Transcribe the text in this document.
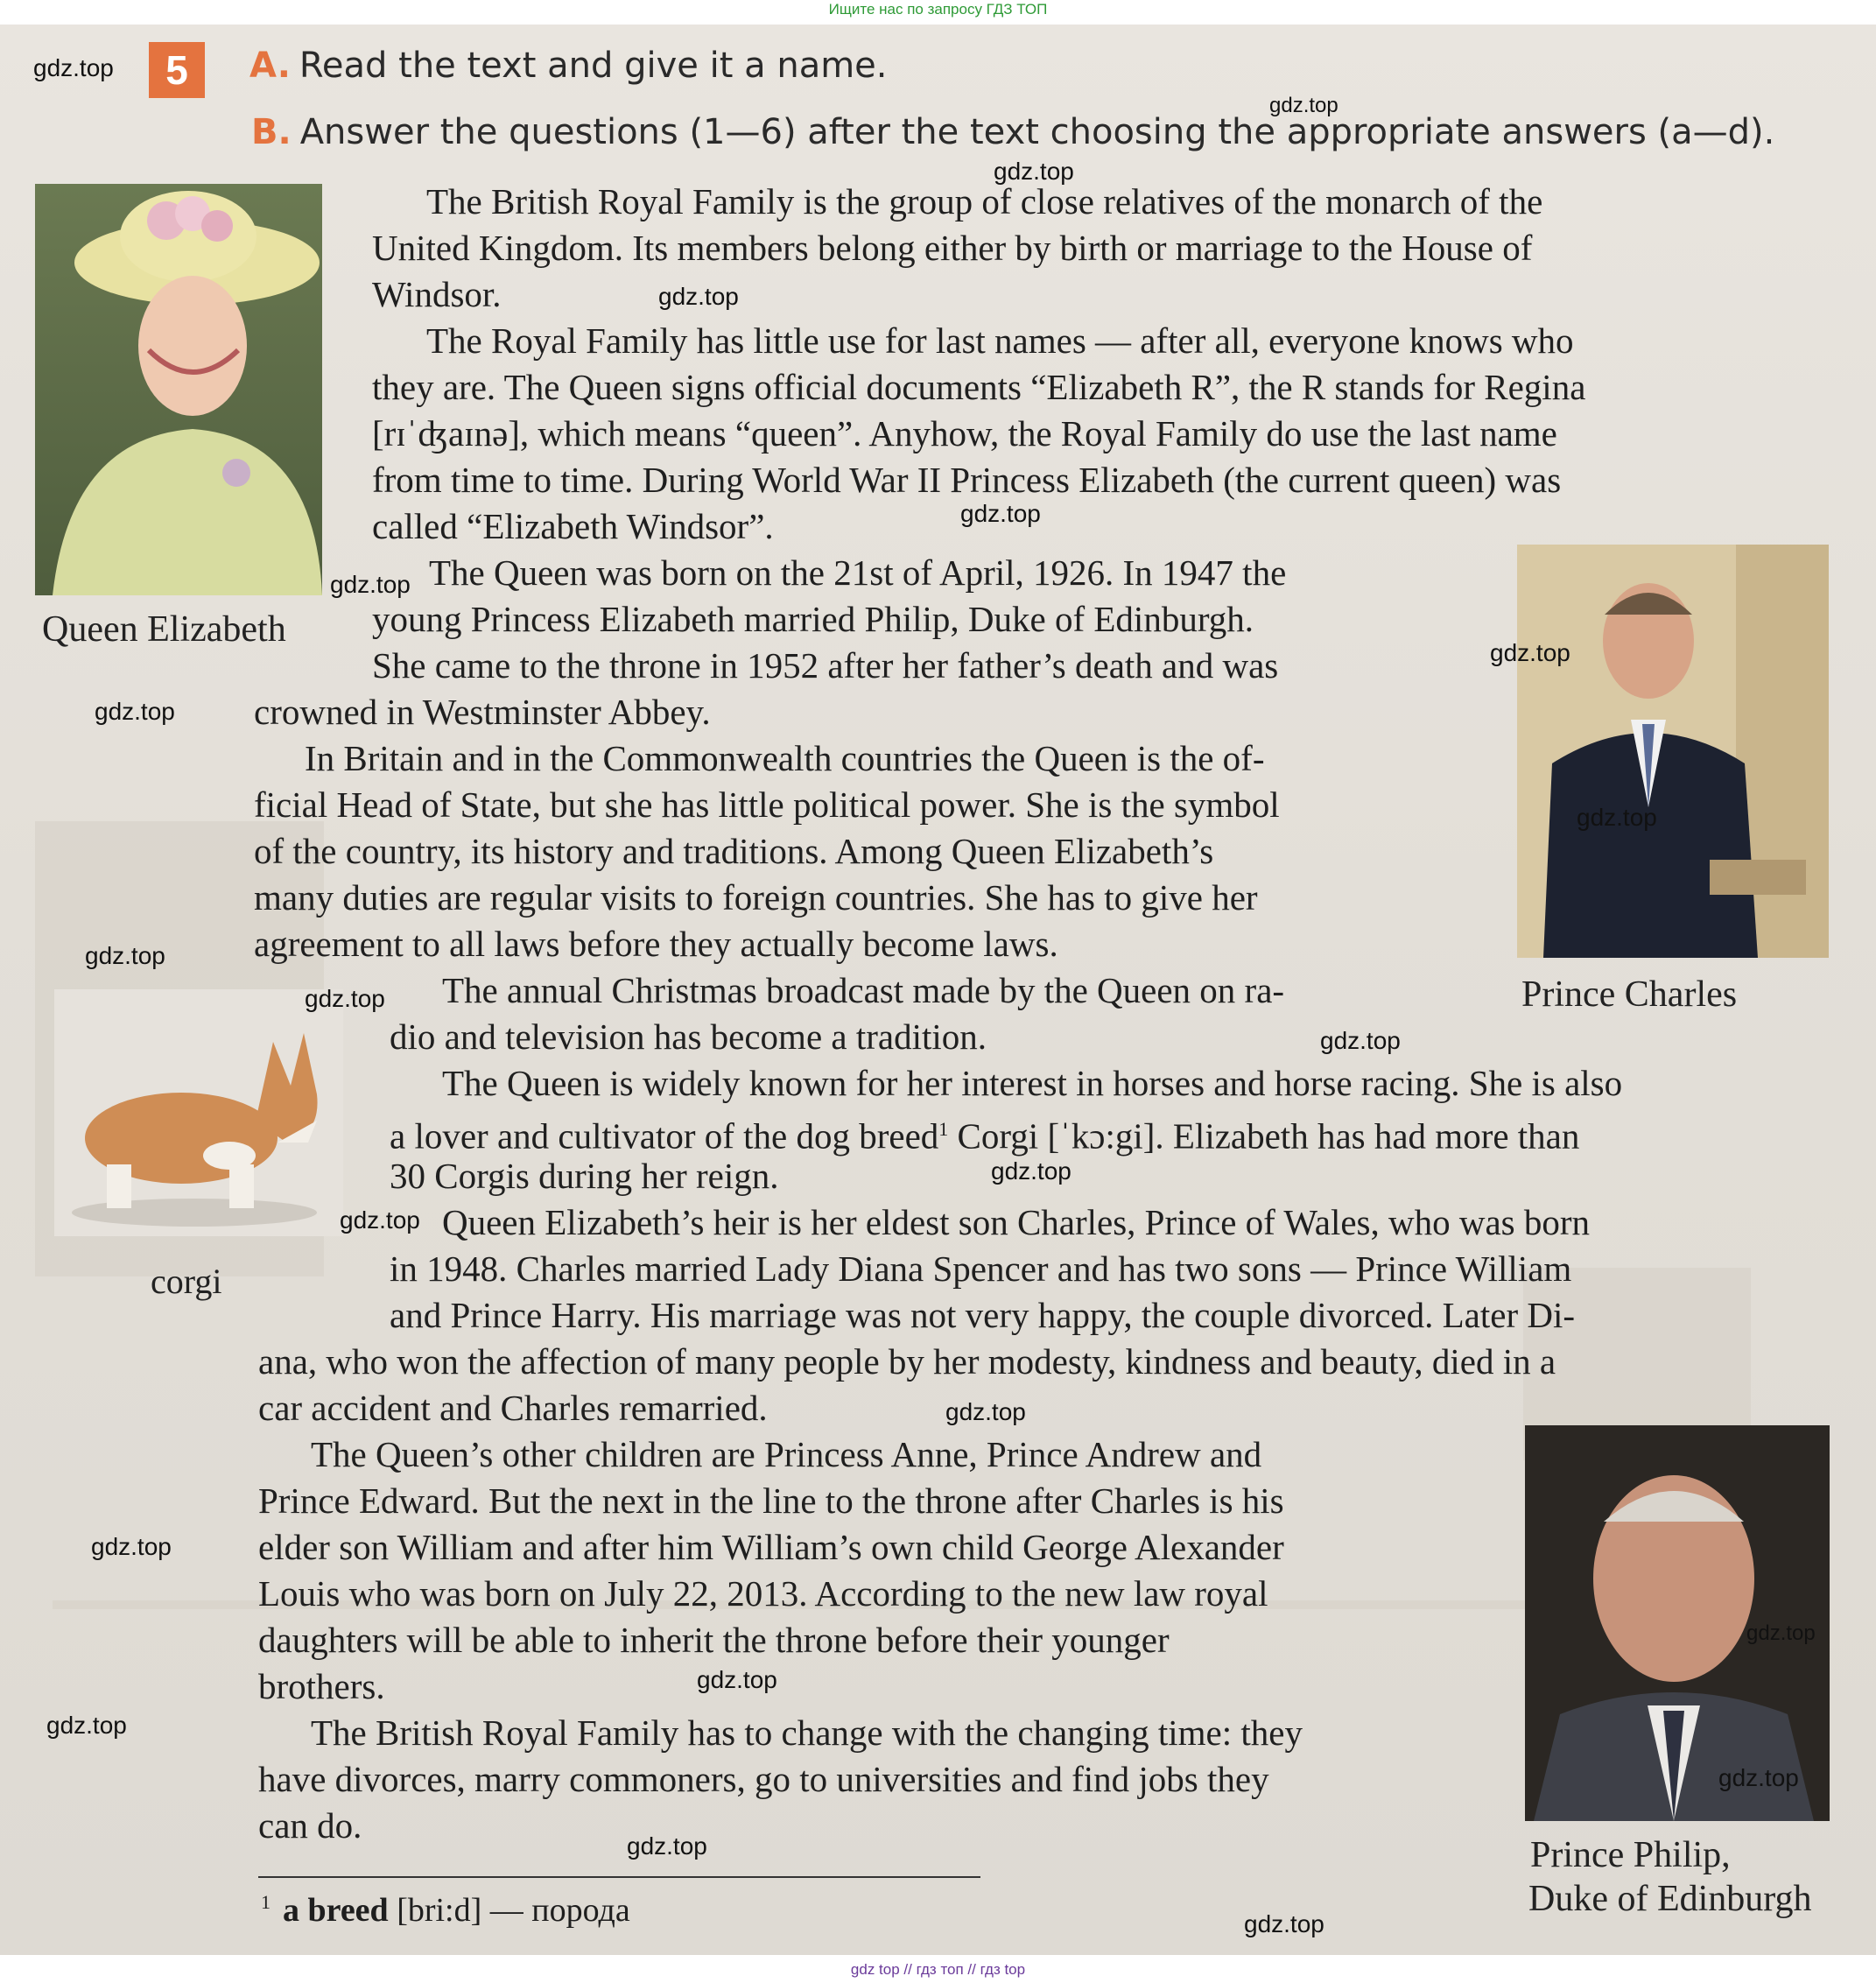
Ищите нас по запросу ГДЗ ТОП
5	A. Read the text and give it a name.
B. Answer the questions (1—6) after the text choosing the appropriate answers (a—d).
Queen Elizabeth
Prince Charles
corgi
Prince Philip,
Duke of Edinburgh
The British Royal Family is the group of close relatives of the monarch of the
United Kingdom. Its members belong either by birth or marriage to the House of
Windsor.
The Royal Family has little use for last names — after all, everyone knows who
they are. The Queen signs official documents “Elizabeth R”, the R stands for Regina
[rɪˈʤaɪnə], which means “queen”. Anyhow, the Royal Family do use the last name
from time to time. During World War II Princess Elizabeth (the current queen) was
called “Elizabeth Windsor”.
The Queen was born on the 21st of April, 1926. In 1947 the
young Princess Elizabeth married Philip, Duke of Edinburgh.
She came to the throne in 1952 after her father’s death and was
crowned in Westminster Abbey.
In Britain and in the Commonwealth countries the Queen is the of-
ficial Head of State, but she has little political power. She is the symbol
of the country, its history and traditions. Among Queen Elizabeth’s
many duties are regular visits to foreign countries. She has to give her
agreement to all laws before they actually become laws.
The annual Christmas broadcast made by the Queen on ra-
dio and television has become a tradition.
The Queen is widely known for her interest in horses and horse racing. She is also
a lover and cultivator of the dog breed$^1$ Corgi [ˈkɔ:gi]. Elizabeth has had more than
30 Corgis during her reign.
Queen Elizabeth’s heir is her eldest son Charles, Prince of Wales, who was born
in 1948. Charles married Lady Diana Spencer and has two sons — Prince William
and Prince Harry. His marriage was not very happy, the couple divorced. Later Di-
ana, who won the affection of many people by her modesty, kindness and beauty, died in a
car accident and Charles remarried.
The Queen’s other children are Princess Anne, Prince Andrew and
Prince Edward. But the next in the line to the throne after Charles is his
elder son William and after him William’s own child George Alexander
Louis who was born on July 22, 2013. According to the new law royal
daughters will be able to inherit the throne before their younger
brothers.
The British Royal Family has to change with the changing time: they
have divorces, marry commoners, go to universities and find jobs they
can do.
$^1$ a breed [bri:d] — порода
gdz.top
gdz.top
gdz.top
gdz.top
gdz.top
gdz.top
gdz.top
gdz.top
gdz.top
gdz.top
gdz.top
gdz.top
gdz.top
gdz.top
gdz.top
gdz.top
gdz.top
gdz.top
gdz.top
gdz.top
gdz.top
gdz.top
gdz top // гдз топ // гдз top
